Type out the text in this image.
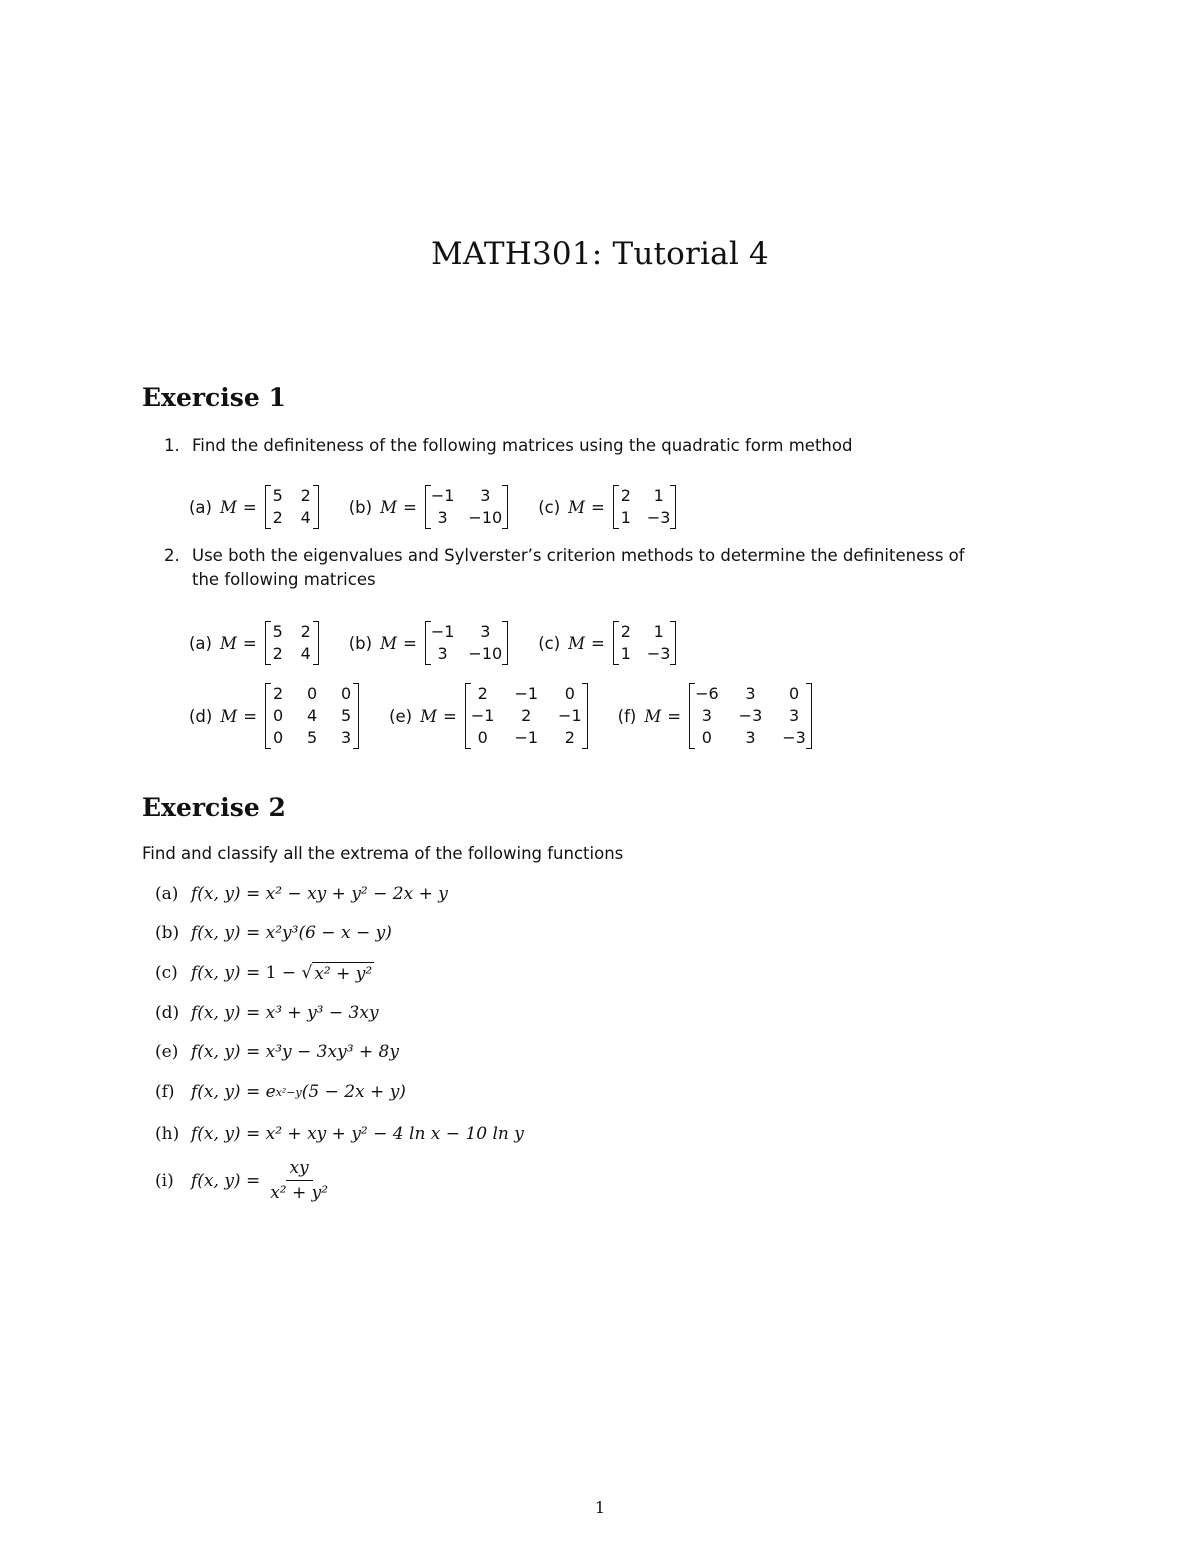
MATH301: Tutorial 4
Exercise 1
1. Find the definiteness of the following matrices using the quadratic form method
(a) M =
5 2
2 4
(b) M =
−1	3
3	−10
(c) M =
2	1
1 −3
2. Use both the eigenvalues and Sylverster’s criterion methods to determine the definiteness of
the following matrices
(a) M =
5 2
2 4
(b) M =
−1	3
3	−10
(c) M =
2	1
1 −3
(d) M =
2 0 0
0 4 5
0 5 3
(e) M =
2	−1	0
−1	2	−1
0	−1	2
(f) M =
−6	3	0
3	−3	3
0	3	−3
Exercise 2
Find and classify all the extrema of the following functions
(a) f(x, y) =
x² − xy + y² − 2x + y
(b) f(x, y) =
x²y³(6 − x − y)
(c) f(x, y) =
1 − √ x² + y²
(d) f(x, y) =
x³ + y³ − 3xy
(e) f(x, y) =
x³y − 3xy³ + 8y
(f) f(x, y) =
e x²−y (5 − 2x + y)
(h) f(x, y) =
x² + xy + y² − 4 ln x − 10 ln y
(i)	f(x, $y) = \frac{xy}{\text{x² + y²}}$
1
